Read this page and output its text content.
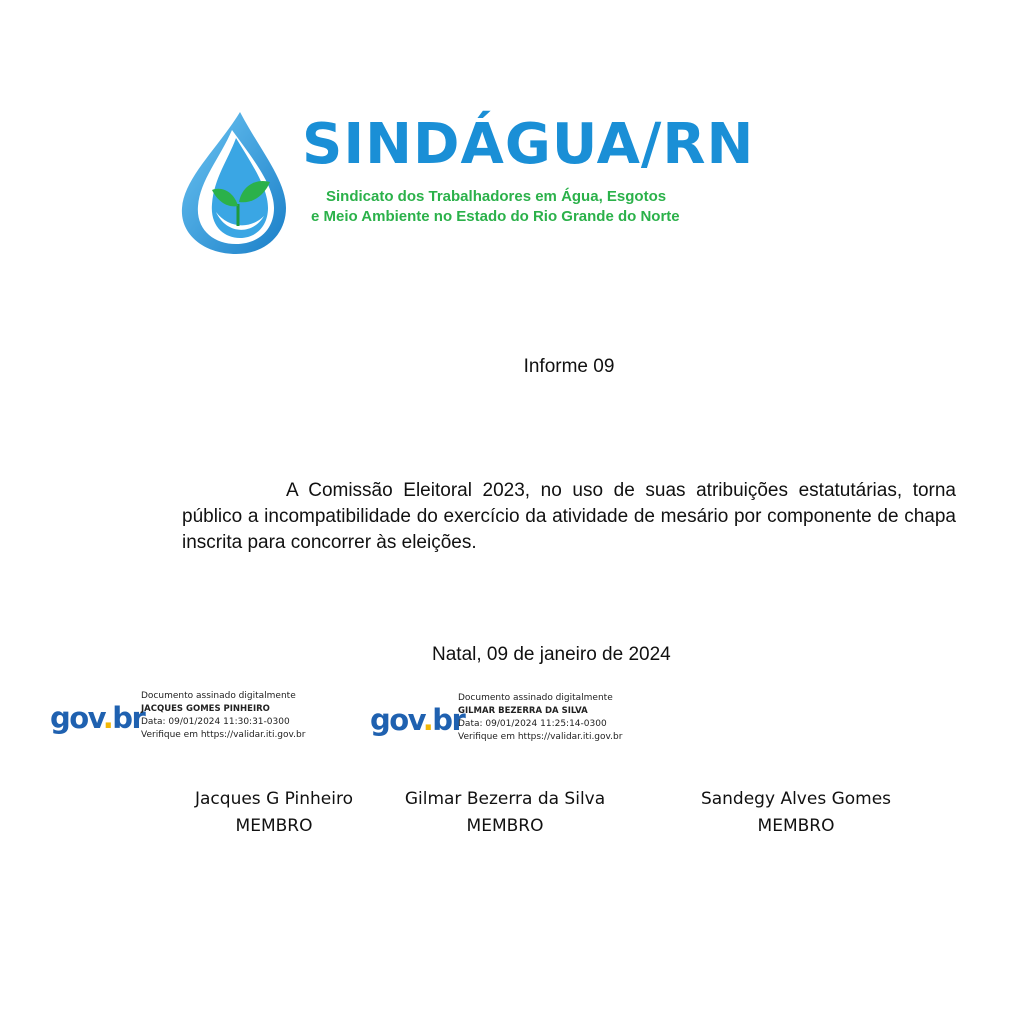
SINDÁGUA/RN
Sindicato dos Trabalhadores em Água, Esgotos
e Meio Ambiente no Estado do Rio Grande do Norte
Informe 09
A Comissão Eleitoral 2023, no uso de suas atribuições estatutárias, torna público a incompatibilidade do exercício da atividade de mesário por componente de chapa inscrita para concorrer às eleições.
Natal, 09 de janeiro de 2024
gov.br
Documento assinado digitalmente
JACQUES GOMES PINHEIRO
Data: 09/01/2024 11:30:31-0300
Verifique em https://validar.iti.gov.br gov.br
Documento assinado digitalmente
GILMAR BEZERRA DA SILVA
Data: 09/01/2024 11:25:14-0300
Verifique em https://validar.iti.gov.br
Jacques G Pinheiro
MEMBRO
Gilmar Bezerra da Silva
MEMBRO
Sandegy Alves Gomes
MEMBRO
